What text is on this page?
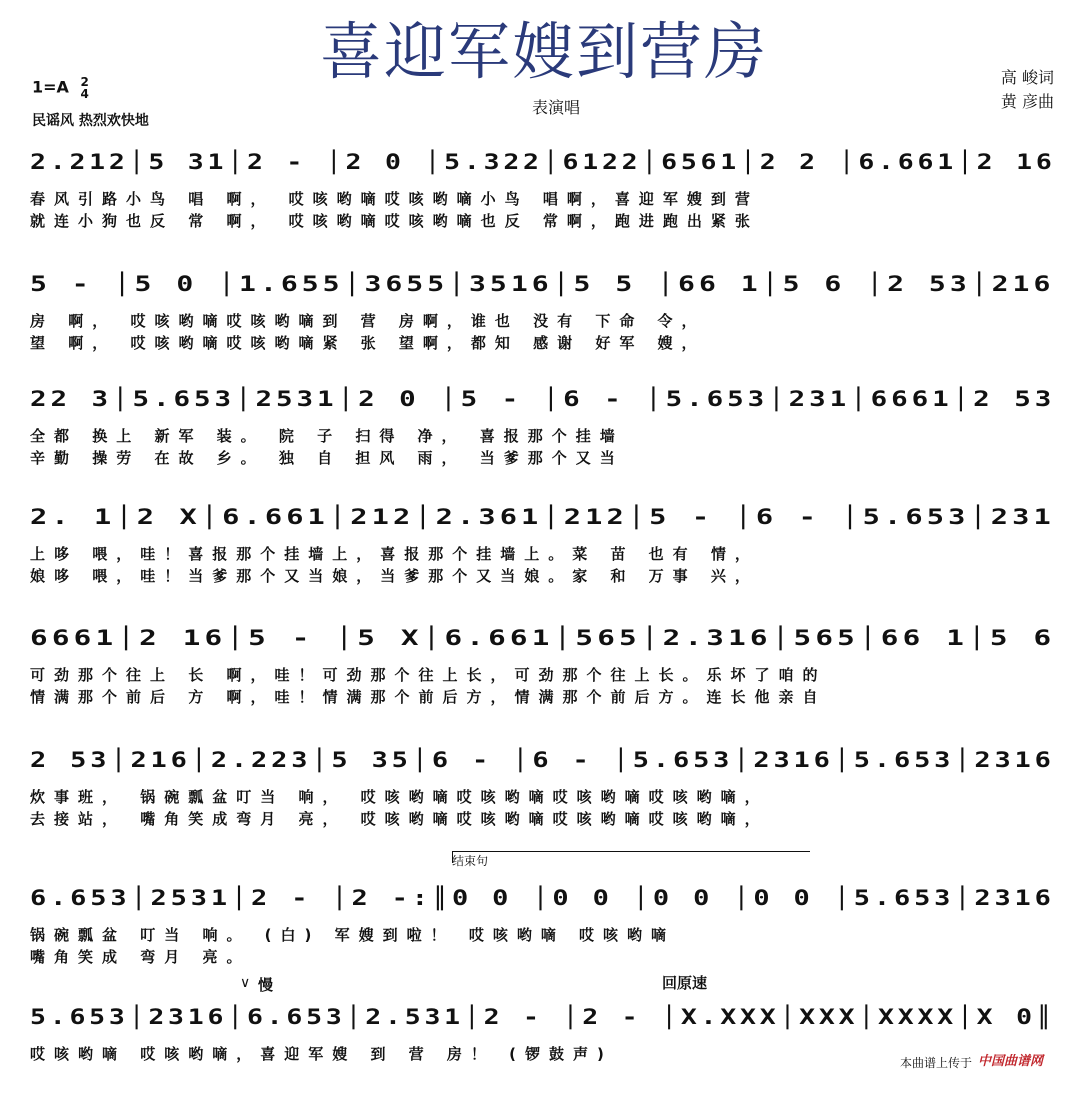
喜迎军嫂到营房
1=A 2
4
民谣风 热烈欢快地
表演唱
高 峻词
黄 彦曲
2.212│5 31│2 - │2 0 │5.322│6122│6561│2 2 │6.661│2 16
春风引路小鸟 唱 啊， 哎咳哟嘀哎咳哟嘀小鸟 唱啊，喜迎军嫂到营
就连小狗也反 常 啊， 哎咳哟嘀哎咳哟嘀也反 常啊，跑进跑出紧张
5 - │5 0 │1.655│3655│3516│5 5 │66 1│5 6 │2 53│216
房 啊， 哎咳哟嘀哎咳哟嘀到 营 房啊，谁也 没有 下命 令，
望 啊， 哎咳哟嘀哎咳哟嘀紧 张 望啊，都知 感谢 好军 嫂，
22 3│5.653│2531│2 0 │5 - │6 - │5.653│231│6661│2 53
全都 换上 新军 装。 院 子 扫得 净， 喜报那个挂墙
辛勤 操劳 在故 乡。 独 自 担风 雨， 当爹那个又当
2. 1│2 X│6.661│212│2.361│212│5 - │6 - │5.653│231
上哆 喂，哇！喜报那个挂墙上，喜报那个挂墙上。菜 苗 也有 情，
娘哆 喂，哇！当爹那个又当娘，当爹那个又当娘。家 和 万事 兴，
6661│2 16│5 - │5 X│6.661│565│2.316│565│66 1│5 6
可劲那个往上 长 啊，哇！可劲那个往上长，可劲那个往上长。乐坏了咱的
情满那个前后 方 啊，哇！情满那个前后方，情满那个前后方。连长他亲自
2 53│216│2.223│5 35│6 - │6 - │5.653│2316│5.653│2316
炊事班， 锅碗瓢盆叮当 响， 哎咳哟嘀哎咳哟嘀哎咳哟嘀哎咳哟嘀，
去接站， 嘴角笑成弯月 亮， 哎咳哟嘀哎咳哟嘀哎咳哟嘀哎咳哟嘀，
6.653│2531│2 - │2 -:║0 0 │0 0 │0 0 │0 0 │5.653│2316
锅碗瓢盆 叮当 响。 (白) 军嫂到啦！ 哎咳哟嘀 哎咳哟嘀
嘴角笑成 弯月 亮。
5.653│2316│6.653│2.531│2 - │2 - │X.XXX│XXX│XXXX│X 0║
哎咳哟嘀 哎咳哟嘀，喜迎军嫂 到 营 房！ (锣鼓声)
结束句
∨ 慢	回原速
本曲谱上传于 中国曲谱网
